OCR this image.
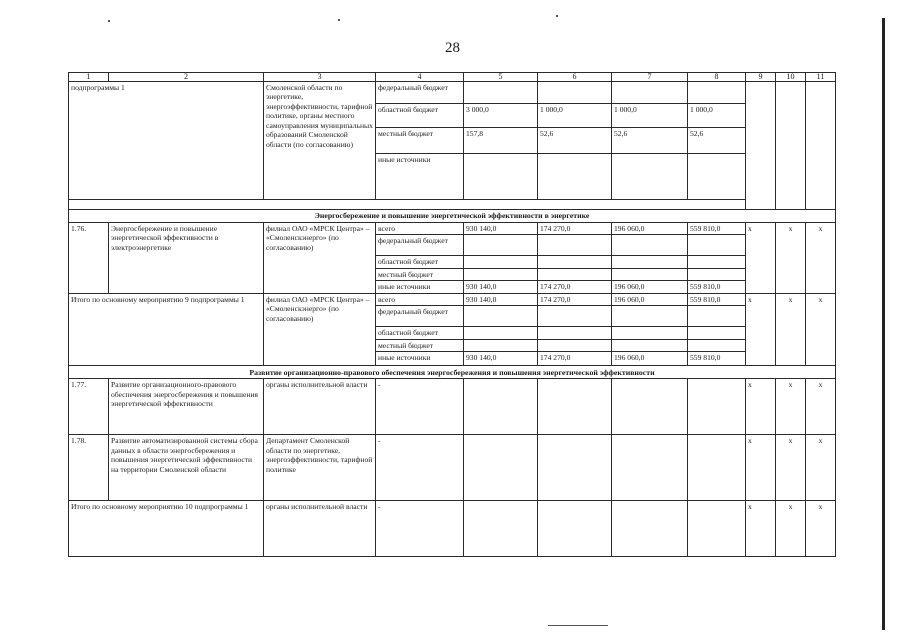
28
1	2	3	4	5	6	7	8	9	10	11
подпрограммы 1		Смоленской области по энергетике, энергоэффективности, тарифной политике, органы местного самоуправления муниципальных образований Смоленской области (по согласованию)	федеральный бюджет							
			областной бюджет	3 000,0	1 000,0	1 000,0	1 000,0			
			местный бюджет	157,8	52,6	52,6	52,6			
			иные источники							

Энергосбережение и повышение энергетической эффективности в энергетике										
1.76.	Энергосбережение и повышение энергетической эффективности в электроэнергетике	филиал ОАО «МРСК Центра» – «Смоленскэнерго» (по согласованию)	всего	930 140,0	174 270,0	196 060,0	559 810,0	x	x	x
			федеральный бюджет							
			областной бюджет							
			местный бюджет							
			иные источники	930 140,0	174 270,0	196 060,0	559 810,0			
Итого по основному мероприятию 9 подпрограммы 1		филиал ОАО «МРСК Центра» – «Смоленскэнерго» (по согласованию)	всего	930 140,0	174 270,0	196 060,0	559 810,0	x	x	x
			федеральный бюджет							
			областной бюджет							
			местный бюджет							
			иные источники	930 140,0	174 270,0	196 060,0	559 810,0			
Развитие организационно-правового обеспечения энергосбережения и повышения энергетической эффективности										
1.77.	Развитие организационного-правового обеспечения энергосбережения и повышения энергетической эффективности	органы исполнительной власти	-					x	x	x
1.78.	Развитие автоматизированной системы сбора данных в области энергосбережения и повышения энергетической эффективности на территории Смоленской области	Департамент Смоленской области по энергетике, энергоэффективности, тарифной политике	-					x	x	x
Итого по основному мероприятию 10 подпрограммы 1		органы исполнительной власти	-					x	x	x
